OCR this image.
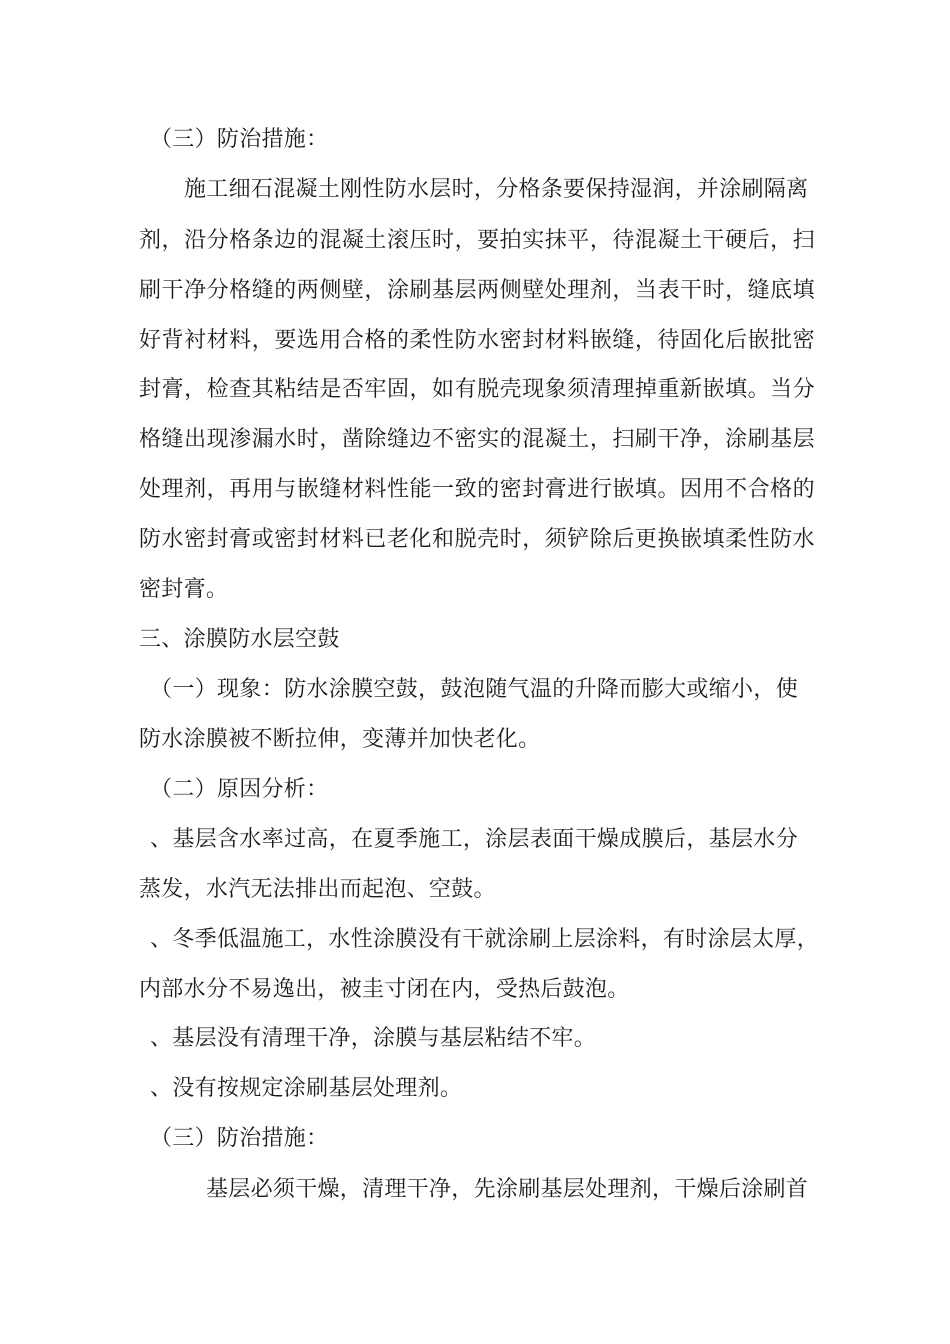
（三）防治措施：
施工细石混凝土刚性防水层时，分格条要保持湿润，并涂刷隔离
剂，沿分格条边的混凝土滚压时，要拍实抹平，待混凝土干硬后，扫
刷干净分格缝的两侧壁，涂刷基层两侧壁处理剂，当表干时，缝底填
好背衬材料，要选用合格的柔性防水密封材料嵌缝，待固化后嵌批密
封膏，检查其粘结是否牢固，如有脱壳现象须清理掉重新嵌填。当分
格缝出现渗漏水时，凿除缝边不密实的混凝土，扫刷干净，涂刷基层
处理剂，再用与嵌缝材料性能一致的密封膏进行嵌填。因用不合格的
防水密封膏或密封材料已老化和脱壳时，须铲除后更换嵌填柔性防水
密封膏。
三、涂膜防水层空鼓
（一）现象：防水涂膜空鼓，鼓泡随气温的升降而膨大或缩小，使
防水涂膜被不断拉伸，变薄并加快老化。
（二）原因分析：
、基层含水率过高，在夏季施工，涂层表面干燥成膜后，基层水分
蒸发，水汽无法排出而起泡、空鼓。
、冬季低温施工，水性涂膜没有干就涂刷上层涂料，有时涂层太厚，
内部水分不易逸出，被圭寸闭在内，受热后鼓泡。
、基层没有清理干净，涂膜与基层粘结不牢。
、没有按规定涂刷基层处理剂。
（三）防治措施：
基层必须干燥，清理干净，先涂刷基层处理剂，干燥后涂刷首
